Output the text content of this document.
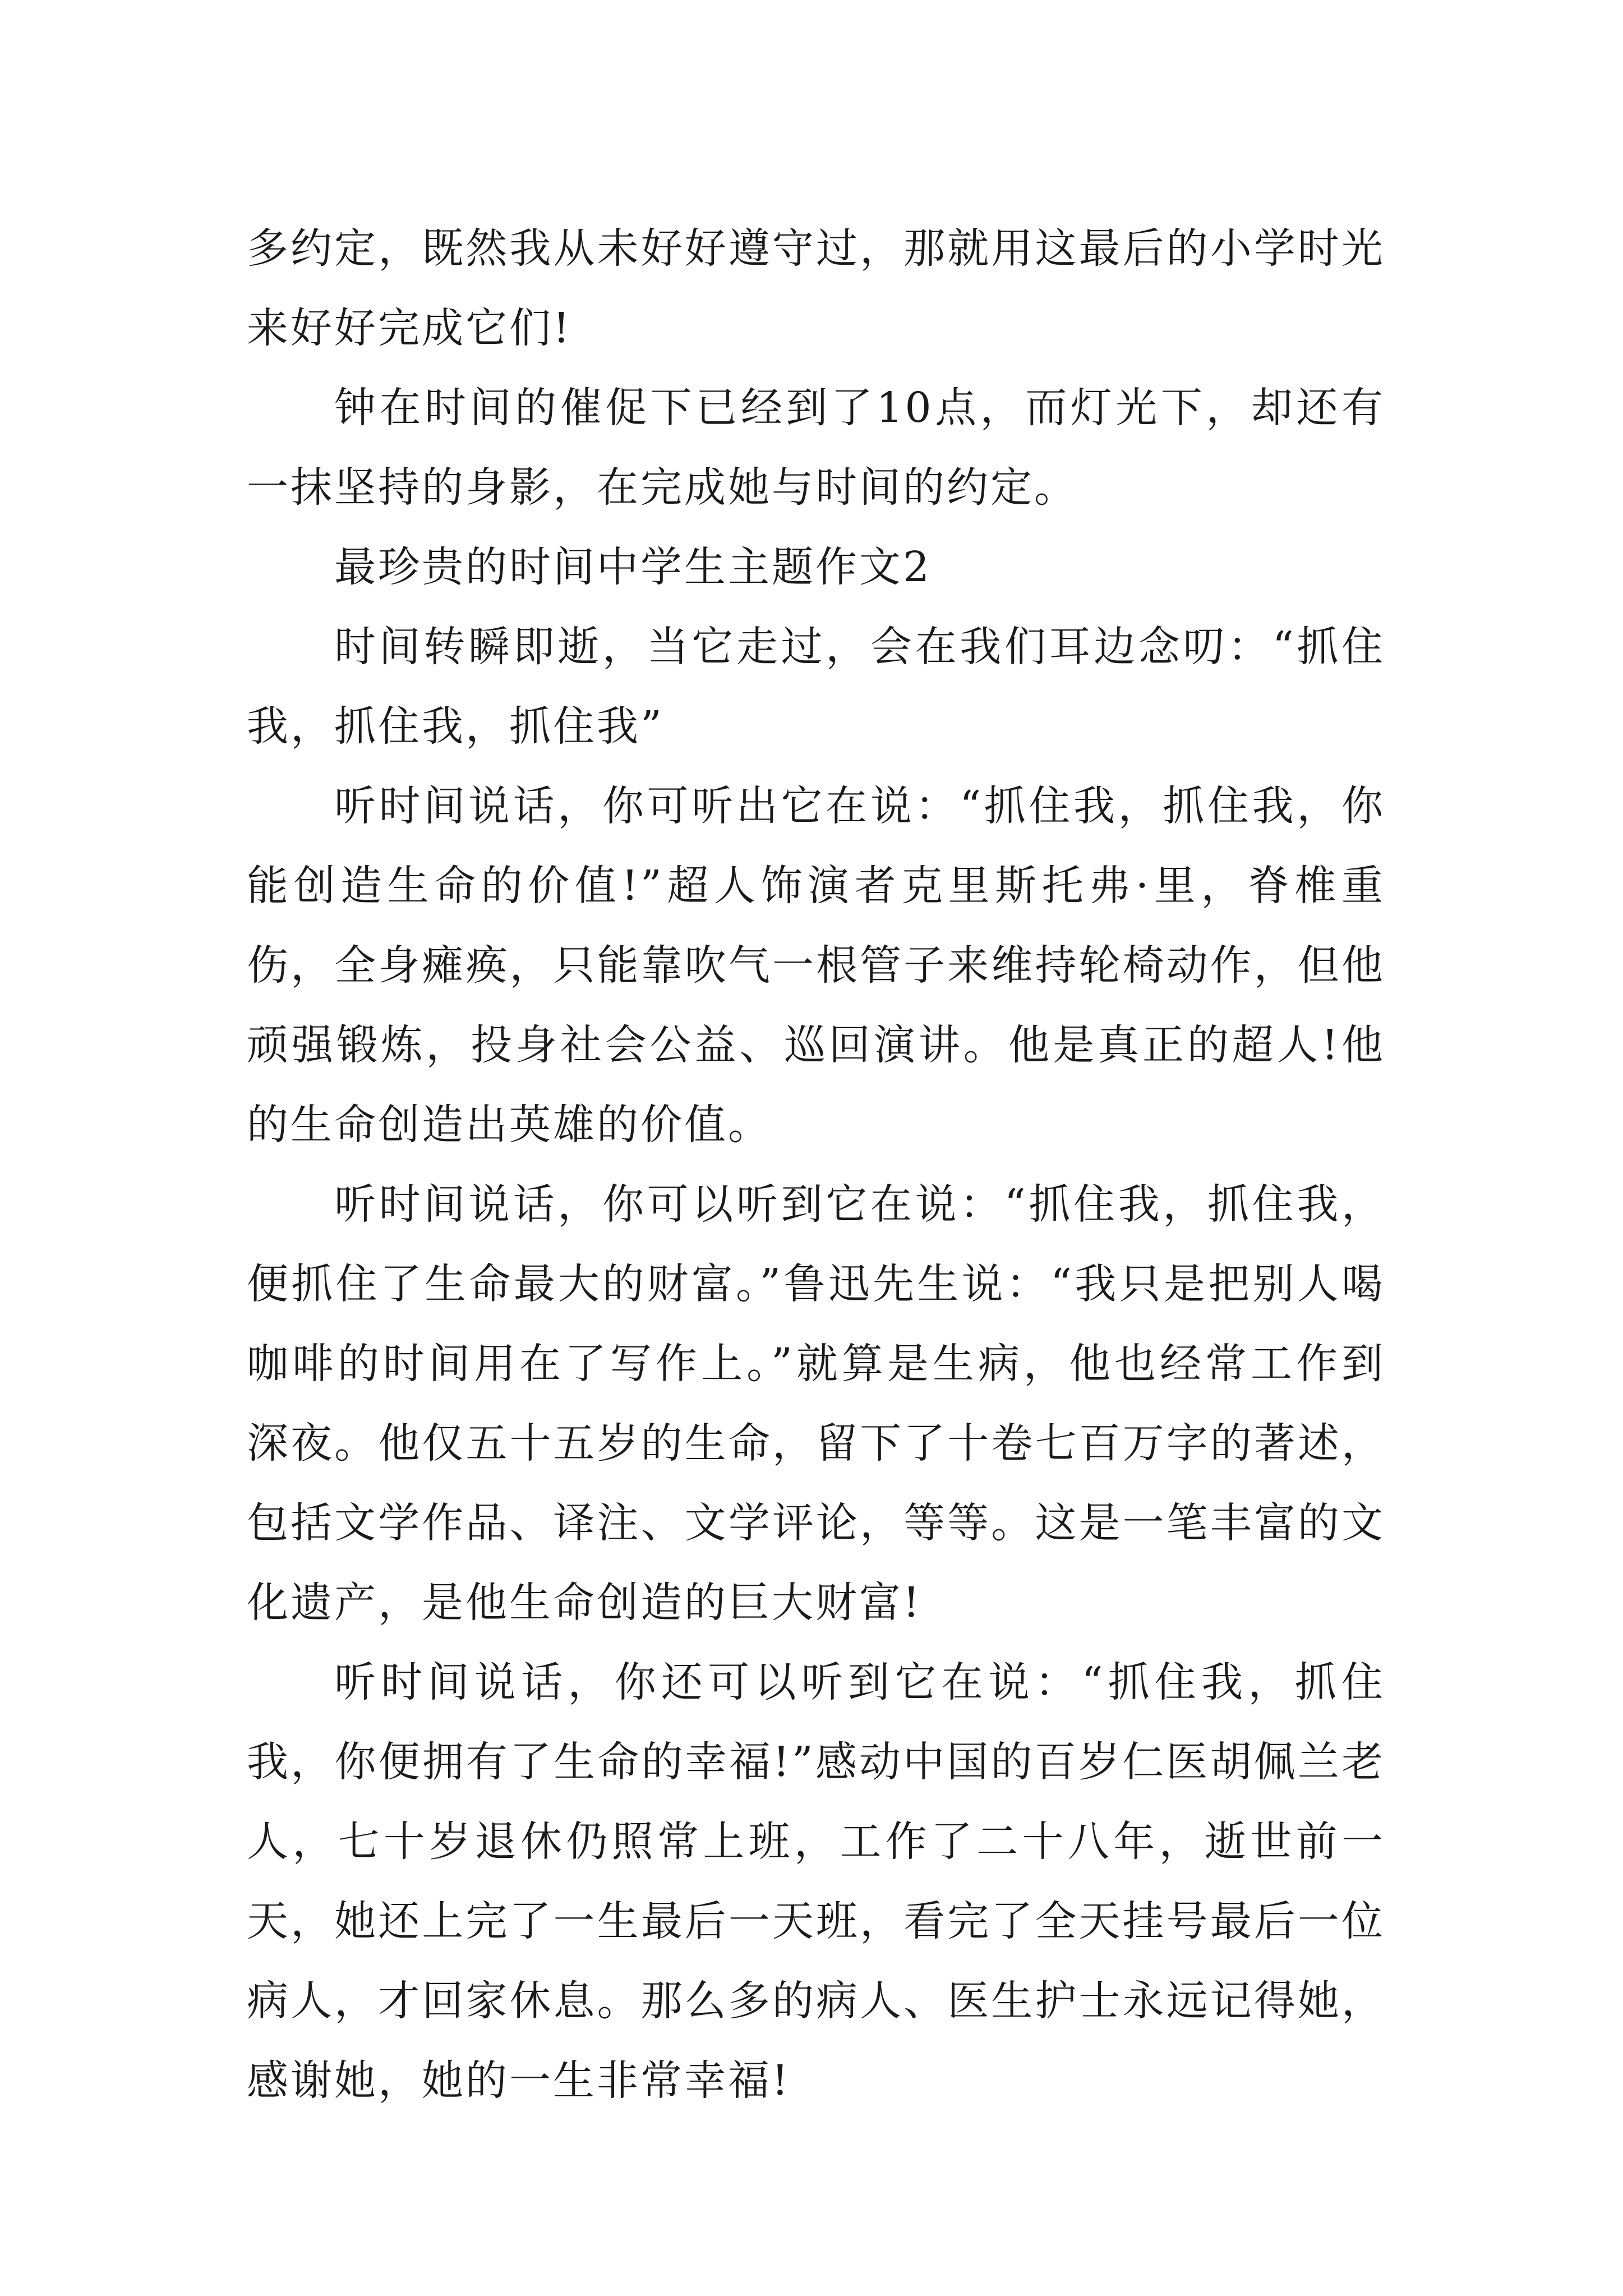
多约定，既然我从未好好遵守过，那就用这最后的小学时光来好好完成它们!

钟在时间的催促下已经到了10点，而灯光下，却还有一抹坚持的身影，在完成她与时间的约定。

最珍贵的时间中学生主题作文2

时间转瞬即逝，当它走过，会在我们耳边念叨：“抓住我，抓住我，抓住我”

听时间说话，你可听出它在说：“抓住我，抓住我，你能创造生命的价值!”超人饰演者克里斯托弗·里，脊椎重伤，全身瘫痪，只能靠吹气一根管子来维持轮椅动作，但他顽强锻炼，投身社会公益、巡回演讲。他是真正的超人!他的生命创造出英雄的价值。

听时间说话，你可以听到它在说：“抓住我，抓住我，便抓住了生命最大的财富。”鲁迅先生说：“我只是把别人喝咖啡的时间用在了写作上。”就算是生病，他也经常工作到深夜。他仅五十五岁的生命，留下了十卷七百万字的著述，包括文学作品、译注、文学评论，等等。这是一笔丰富的文化遗产，是他生命创造的巨大财富!

听时间说话，你还可以听到它在说：“抓住我，抓住我，你便拥有了生命的幸福!”感动中国的百岁仁医胡佩兰老人，七十岁退休仍照常上班，工作了二十八年，逝世前一天，她还上完了一生最后一天班，看完了全天挂号最后一位病人，才回家休息。那么多的病人、医生护士永远记得她，感谢她，她的一生非常幸福!
